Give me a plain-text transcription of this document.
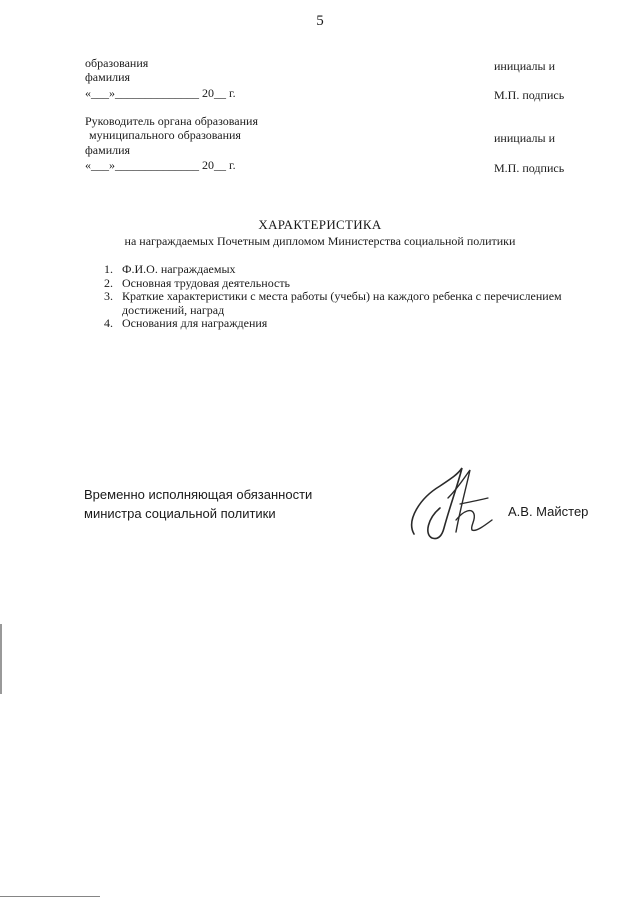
5
образования
фамилия
«___»______________ 20__ г.
инициалы и
М.П. подпись
Руководитель органа образования
муниципального образования
фамилия
«___»______________ 20__ г.
инициалы и
М.П. подпись
ХАРАКТЕРИСТИКА
на награждаемых Почетным дипломом Министерства социальной политики
1. Ф.И.О. награждаемых
2. Основная трудовая деятельность
3. Краткие характеристики с места работы (учебы) на каждого ребенка с перечислением
достижений, наград
4. Основания для награждения
Временно исполняющая обязанности
министра социальной политики	А.В. Майстер
